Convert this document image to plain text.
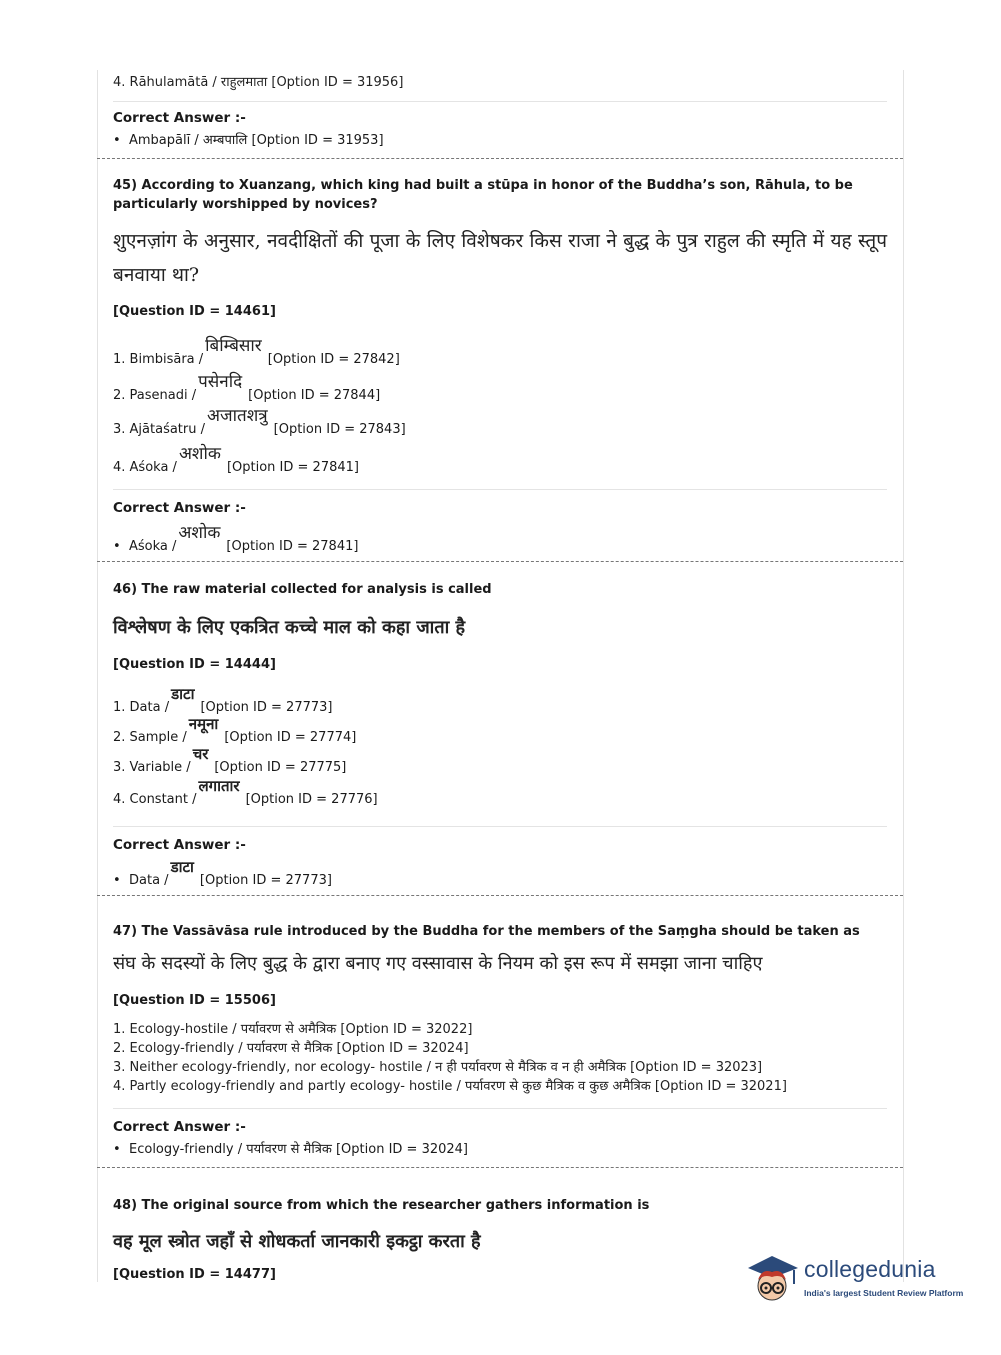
4. Rāhulamātā / राहुलमाता [Option ID = 31956]
Correct Answer :-
• Ambapālī / अम्बपालि [Option ID = 31953]
45) According to Xuanzang, which king had built a stūpa in honor of the Buddha’s son, Rāhula, to be particularly worshipped by novices?
शुएनज़ांग के अनुसार, नवदीक्षितों की पूजा के लिए विशेषकर किस राजा ने बुद्ध के पुत्र राहुल की स्मृति में यह स्तूप बनवाया था?
[Question ID = 14461]
1. Bimbisāra /बिम्बिसार[Option ID = 27842]
2. Pasenadi /पसेनदि[Option ID = 27844]
3. Ajātaśatru /अजातशत्रु[Option ID = 27843]
4. Aśoka /अशोक[Option ID = 27841]
Correct Answer :-
• Aśoka /अशोक[Option ID = 27841]
46) The raw material collected for analysis is called
विश्लेषण के लिए एकत्रित कच्चे माल को कहा जाता है
[Question ID = 14444]
1. Data /डाटा[Option ID = 27773]
2. Sample /नमूना[Option ID = 27774]
3. Variable /चर[Option ID = 27775]
4. Constant /लगातार[Option ID = 27776]
Correct Answer :-
• Data /डाटा[Option ID = 27773]
47) The Vassāvāsa rule introduced by the Buddha for the members of the Saṃgha should be taken as
संघ के सदस्यों के लिए बुद्ध के द्वारा बनाए गए वस्सावास के नियम को इस रूप में समझा जाना चाहिए
[Question ID = 15506]
1. Ecology-hostile / पर्यावरण से अमैत्रिक [Option ID = 32022]
2. Ecology-friendly / पर्यावरण से मैत्रिक [Option ID = 32024]
3. Neither ecology-friendly, nor ecology- hostile / न ही पर्यावरण से मैत्रिक व न ही अमैत्रिक [Option ID = 32023]
4. Partly ecology-friendly and partly ecology- hostile / पर्यावरण से कुछ मैत्रिक व कुछ अमैत्रिक [Option ID = 32021]
Correct Answer :-
• Ecology-friendly / पर्यावरण से मैत्रिक [Option ID = 32024]
48) The original source from which the researcher gathers information is
वह मूल स्त्रोत जहाँ से शोधकर्ता जानकारी इकट्ठा करता है
[Question ID = 14477]	collegedunia
India's largest Student Review Platform
